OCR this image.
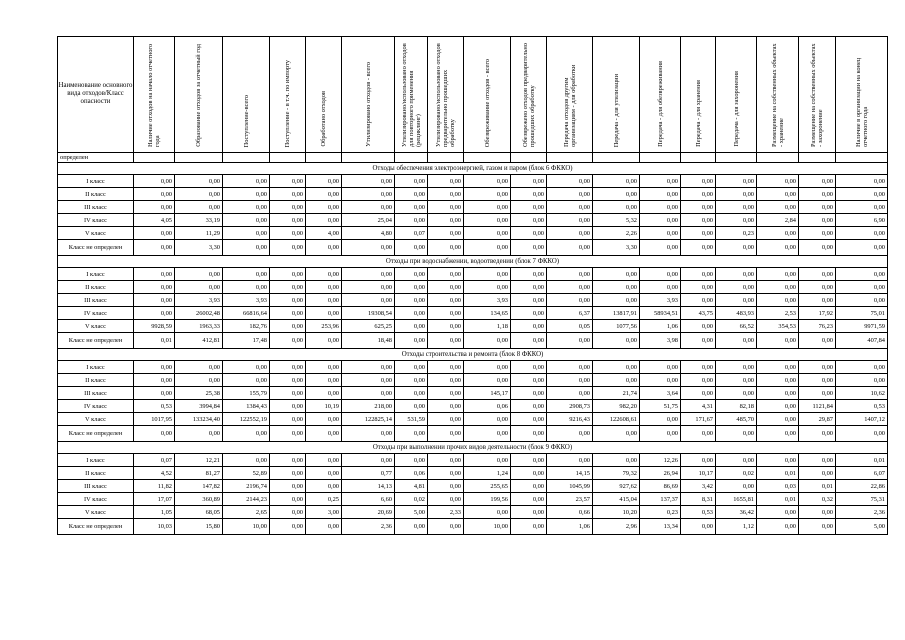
Наименование основного вида отходов/Класс опасности	Наличие отходов на начало отчетного года	Образование отходов за отчетный год	Поступление-всего	Поступление - в т.ч. по импорту	Обработано отходов	Утилизировано отходов - всего	Утилизировано/использовано отходов для повторного применения (рециклинг)	Утилизировано/использовано отходов предварительно прошедших обработку	Обезвреживание отходов - всего	Обезврежено отходов предварительно прошедших обработку	Передача отходов другим организациям - для обработки	Передача - для утилизации	Передача - для обезвреживания	Передача - для хранения	Передача - для захоронения	Размещение на собственных объектах - хранение	Размещение на собственных объектах - захоронение	Наличие в организации на конец отчетного года
определен																		
Отходы обеспечения электроэнергией, газом и паром (блок 6 ФККО)																		
I класс	0,00	0,00	0,00	0,00	0,00	0,00	0,00	0,00	0,00	0,00	0,00	0,00	0,00	0,00	0,00	0,00	0,00	0,00
II класс	0,00	0,00	0,00	0,00	0,00	0,00	0,00	0,00	0,00	0,00	0,00	0,00	0,00	0,00	0,00	0,00	0,00	0,00
III класс	0,00	0,00	0,00	0,00	0,00	0,00	0,00	0,00	0,00	0,00	0,00	0,00	0,00	0,00	0,00	0,00	0,00	0,00
IV класс	4,05	33,19	0,00	0,00	0,00	25,04	0,00	0,00	0,00	0,00	0,00	5,32	0,00	0,00	0,00	2,84	0,00	6,90
V класс	0,00	11,29	0,00	0,00	4,00	4,80	0,07	0,00	0,00	0,00	0,00	2,26	0,00	0,00	0,23	0,00	0,00	0,00
Класс не определен	0,00	3,30	0,00	0,00	0,00	0,00	0,00	0,00	0,00	0,00	0,00	3,30	0,00	0,00	0,00	0,00	0,00	0,00
Отходы при водоснабжении, водоотведении (блок 7 ФККО)																		
I класс	0,00	0,00	0,00	0,00	0,00	0,00	0,00	0,00	0,00	0,00	0,00	0,00	0,00	0,00	0,00	0,00	0,00	0,00
II класс	0,00	0,00	0,00	0,00	0,00	0,00	0,00	0,00	0,00	0,00	0,00	0,00	0,00	0,00	0,00	0,00	0,00	0,00
III класс	0,00	3,93	3,93	0,00	0,00	0,00	0,00	0,00	3,93	0,00	0,00	0,00	3,93	0,00	0,00	0,00	0,00	0,00
IV класс	0,00	26002,48	66816,64	0,00	0,00	19308,54	0,00	0,00	134,65	0,00	6,37	13817,91	58934,51	43,75	483,93	2,53	17,92	75,01
V класс	9928,59	1963,33	182,76	0,00	253,96	625,25	0,00	0,00	1,18	0,00	0,05	1077,56	1,06	0,00	66,52	354,53	76,23	9971,59
Класс не определен	0,01	412,81	17,48	0,00	0,00	18,48	0,00	0,00	0,00	0,00	0,00	0,00	3,98	0,00	0,00	0,00	0,00	407,84
Отходы строительства и ремонта (блок 8 ФККО)																		
I класс	0,00	0,00	0,00	0,00	0,00	0,00	0,00	0,00	0,00	0,00	0,00	0,00	0,00	0,00	0,00	0,00	0,00	0,00
II класс	0,00	0,00	0,00	0,00	0,00	0,00	0,00	0,00	0,00	0,00	0,00	0,00	0,00	0,00	0,00	0,00	0,00	0,00
III класс	0,00	25,38	155,79	0,00	0,00	0,00	0,00	0,00	145,17	0,00	0,00	21,74	3,64	0,00	0,00	0,00	0,00	10,62
IV класс	0,53	3994,84	1384,43	0,00	10,19	218,00	0,00	0,00	0,06	0,00	2908,73	982,20	51,75	4,31	82,18	0,00	1121,84	0,53
V класс	1017,95	133234,40	122552,19	0,00	0,00	122825,14	531,59	0,00	0,00	0,00	9216,43	122608,61	0,00	171,67	485,70	0,00	29,87	1407,12
Класс не определен	0,00	0,00	0,00	0,00	0,00	0,00	0,00	0,00	0,00	0,00	0,00	0,00	0,00	0,00	0,00	0,00	0,00	0,00
Отходы при выполнении прочих видов деятельности (блок 9 ФККО)																		
I класс	0,07	12,21	0,00	0,00	0,00	0,00	0,00	0,00	0,00	0,00	0,00	0,00	12,26	0,00	0,00	0,00	0,00	0,01
II класс	4,52	81,27	52,89	0,00	0,00	0,77	0,06	0,00	1,24	0,00	14,15	79,32	26,94	10,17	0,02	0,01	0,00	6,07
III класс	11,82	147,82	2196,74	0,00	0,00	14,13	4,81	0,00	255,65	0,00	1045,99	927,62	86,69	3,42	0,00	0,03	0,01	22,86
IV класс	17,07	360,89	2144,23	0,00	0,25	6,60	0,02	0,00	199,56	0,00	23,57	415,04	137,37	8,31	1655,81	0,01	0,32	75,31
V класс	1,05	68,05	2,65	0,00	3,00	20,69	5,00	2,33	0,00	0,00	0,66	10,20	0,23	0,53	36,42	0,00	0,00	2,36
Класс не определен	10,03	15,80	10,00	0,00	0,00	2,36	0,00	0,00	10,00	0,00	1,06	2,96	13,34	0,00	1,12	0,00	0,00	5,00
